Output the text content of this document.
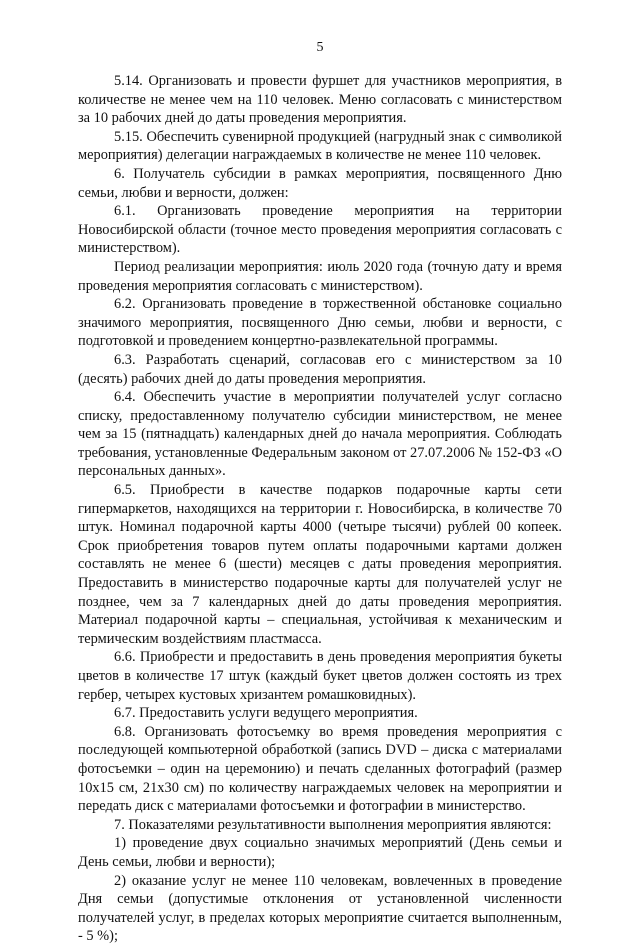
5

5.14. Организовать и провести фуршет для участников мероприятия, в количестве не менее чем на 110 человек. Меню согласовать с министерством за 10 рабочих дней до даты проведения мероприятия.

5.15. Обеспечить сувенирной продукцией (нагрудный знак с символикой мероприятия) делегации награждаемых в количестве не менее 110 человек.

6. Получатель субсидии в рамках мероприятия, посвященного Дню семьи, любви и верности, должен:

6.1. Организовать проведение мероприятия на территории Новосибирской области (точное место проведения мероприятия согласовать с министерством).

Период реализации мероприятия: июль 2020 года (точную дату и время проведения мероприятия согласовать с министерством).

6.2. Организовать проведение в торжественной обстановке социально значимого мероприятия, посвященного Дню семьи, любви и верности, с подготовкой и проведением концертно-развлекательной программы.

6.3. Разработать сценарий, согласовав его с министерством за 10 (десять) рабочих дней до даты проведения мероприятия.

6.4. Обеспечить участие в мероприятии получателей услуг согласно списку, предоставленному получателю субсидии министерством, не менее чем за 15 (пятнадцать) календарных дней до начала мероприятия. Соблюдать требования, установленные Федеральным законом от 27.07.2006 № 152-ФЗ «О персональных данных».

6.5. Приобрести в качестве подарков подарочные карты сети гипермаркетов, находящихся на территории г. Новосибирска, в количестве 70 штук. Номинал подарочной карты 4000 (четыре тысячи) рублей 00 копеек. Срок приобретения товаров путем оплаты подарочными картами должен составлять не менее 6 (шести) месяцев с даты проведения мероприятия. Предоставить в министерство подарочные карты для получателей услуг не позднее, чем за 7 календарных дней до даты проведения мероприятия. Материал подарочной карты – специальная, устойчивая к механическим и термическим воздействиям пластмасса.

6.6. Приобрести и предоставить в день проведения мероприятия букеты цветов в количестве 17 штук (каждый букет цветов должен состоять из трех гербер, четырех кустовых хризантем ромашковидных).

6.7. Предоставить услуги ведущего мероприятия.

6.8. Организовать фотосъемку во время проведения мероприятия с последующей компьютерной обработкой (запись DVD – диска с материалами фотосъемки – один на церемонию) и печать сделанных фотографий (размер 10х15 см, 21х30 см) по количеству награждаемых человек на мероприятии и передать диск с материалами фотосъемки и фотографии в министерство.

7. Показателями результативности выполнения мероприятия являются:

1) проведение двух социально значимых мероприятий (День семьи и День семьи, любви и верности);

2) оказание услуг не менее 110 человекам, вовлеченных в проведение Дня семьи (допустимые отклонения от установленной численности получателей услуг, в пределах которых мероприятие считается выполненным, - 5 %);
